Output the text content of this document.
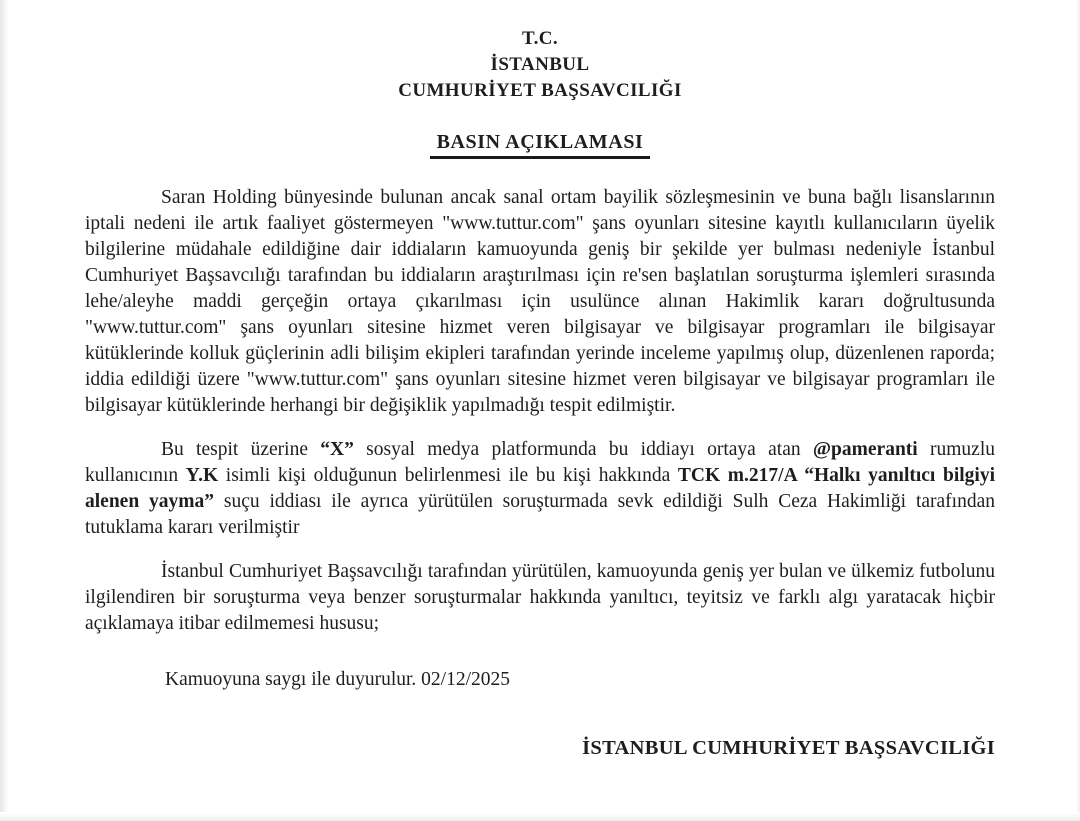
T.C.
İSTANBUL
CUMHURİYET BAŞSAVCILIĞI
BASIN AÇIKLAMASI

Saran Holding bünyesinde bulunan ancak sanal ortam bayilik sözleşmesinin ve buna bağlı lisanslarının iptali nedeni ile artık faaliyet göstermeyen "www.tuttur.com" şans oyunları sitesine kayıtlı kullanıcıların üyelik bilgilerine müdahale edildiğine dair iddiaların kamuoyunda geniş bir şekilde yer bulması nedeniyle İstanbul Cumhuriyet Başsavcılığı tarafından bu iddiaların araştırılması için re'sen başlatılan soruşturma işlemleri sırasında lehe/aleyhe maddi gerçeğin ortaya çıkarılması için usulünce alınan Hakimlik kararı doğrultusunda "www.tuttur.com" şans oyunları sitesine hizmet veren bilgisayar ve bilgisayar programları ile bilgisayar kütüklerinde kolluk güçlerinin adli bilişim ekipleri tarafından yerinde inceleme yapılmış olup, düzenlenen raporda; iddia edildiği üzere "www.tuttur.com" şans oyunları sitesine hizmet veren bilgisayar ve bilgisayar programları ile bilgisayar kütüklerinde herhangi bir değişiklik yapılmadığı tespit edilmiştir.

Bu tespit üzerine “X” sosyal medya platformunda bu iddiayı ortaya atan @pameranti rumuzlu kullanıcının Y.K isimli kişi olduğunun belirlenmesi ile bu kişi hakkında TCK m.217/A “Halkı yanıltıcı bilgiyi alenen yayma” suçu iddiası ile ayrıca yürütülen soruşturmada sevk edildiği Sulh Ceza Hakimliği tarafından tutuklama kararı verilmiştir

İstanbul Cumhuriyet Başsavcılığı tarafından yürütülen, kamuoyunda geniş yer bulan ve ülkemiz futbolunu ilgilendiren bir soruşturma veya benzer soruşturmalar hakkında yanıltıcı, teyitsiz ve farklı algı yaratacak hiçbir açıklamaya itibar edilmemesi hususu;

Kamuoyuna saygı ile duyurulur. 02/12/2025
İSTANBUL CUMHURİYET BAŞSAVCILIĞI
